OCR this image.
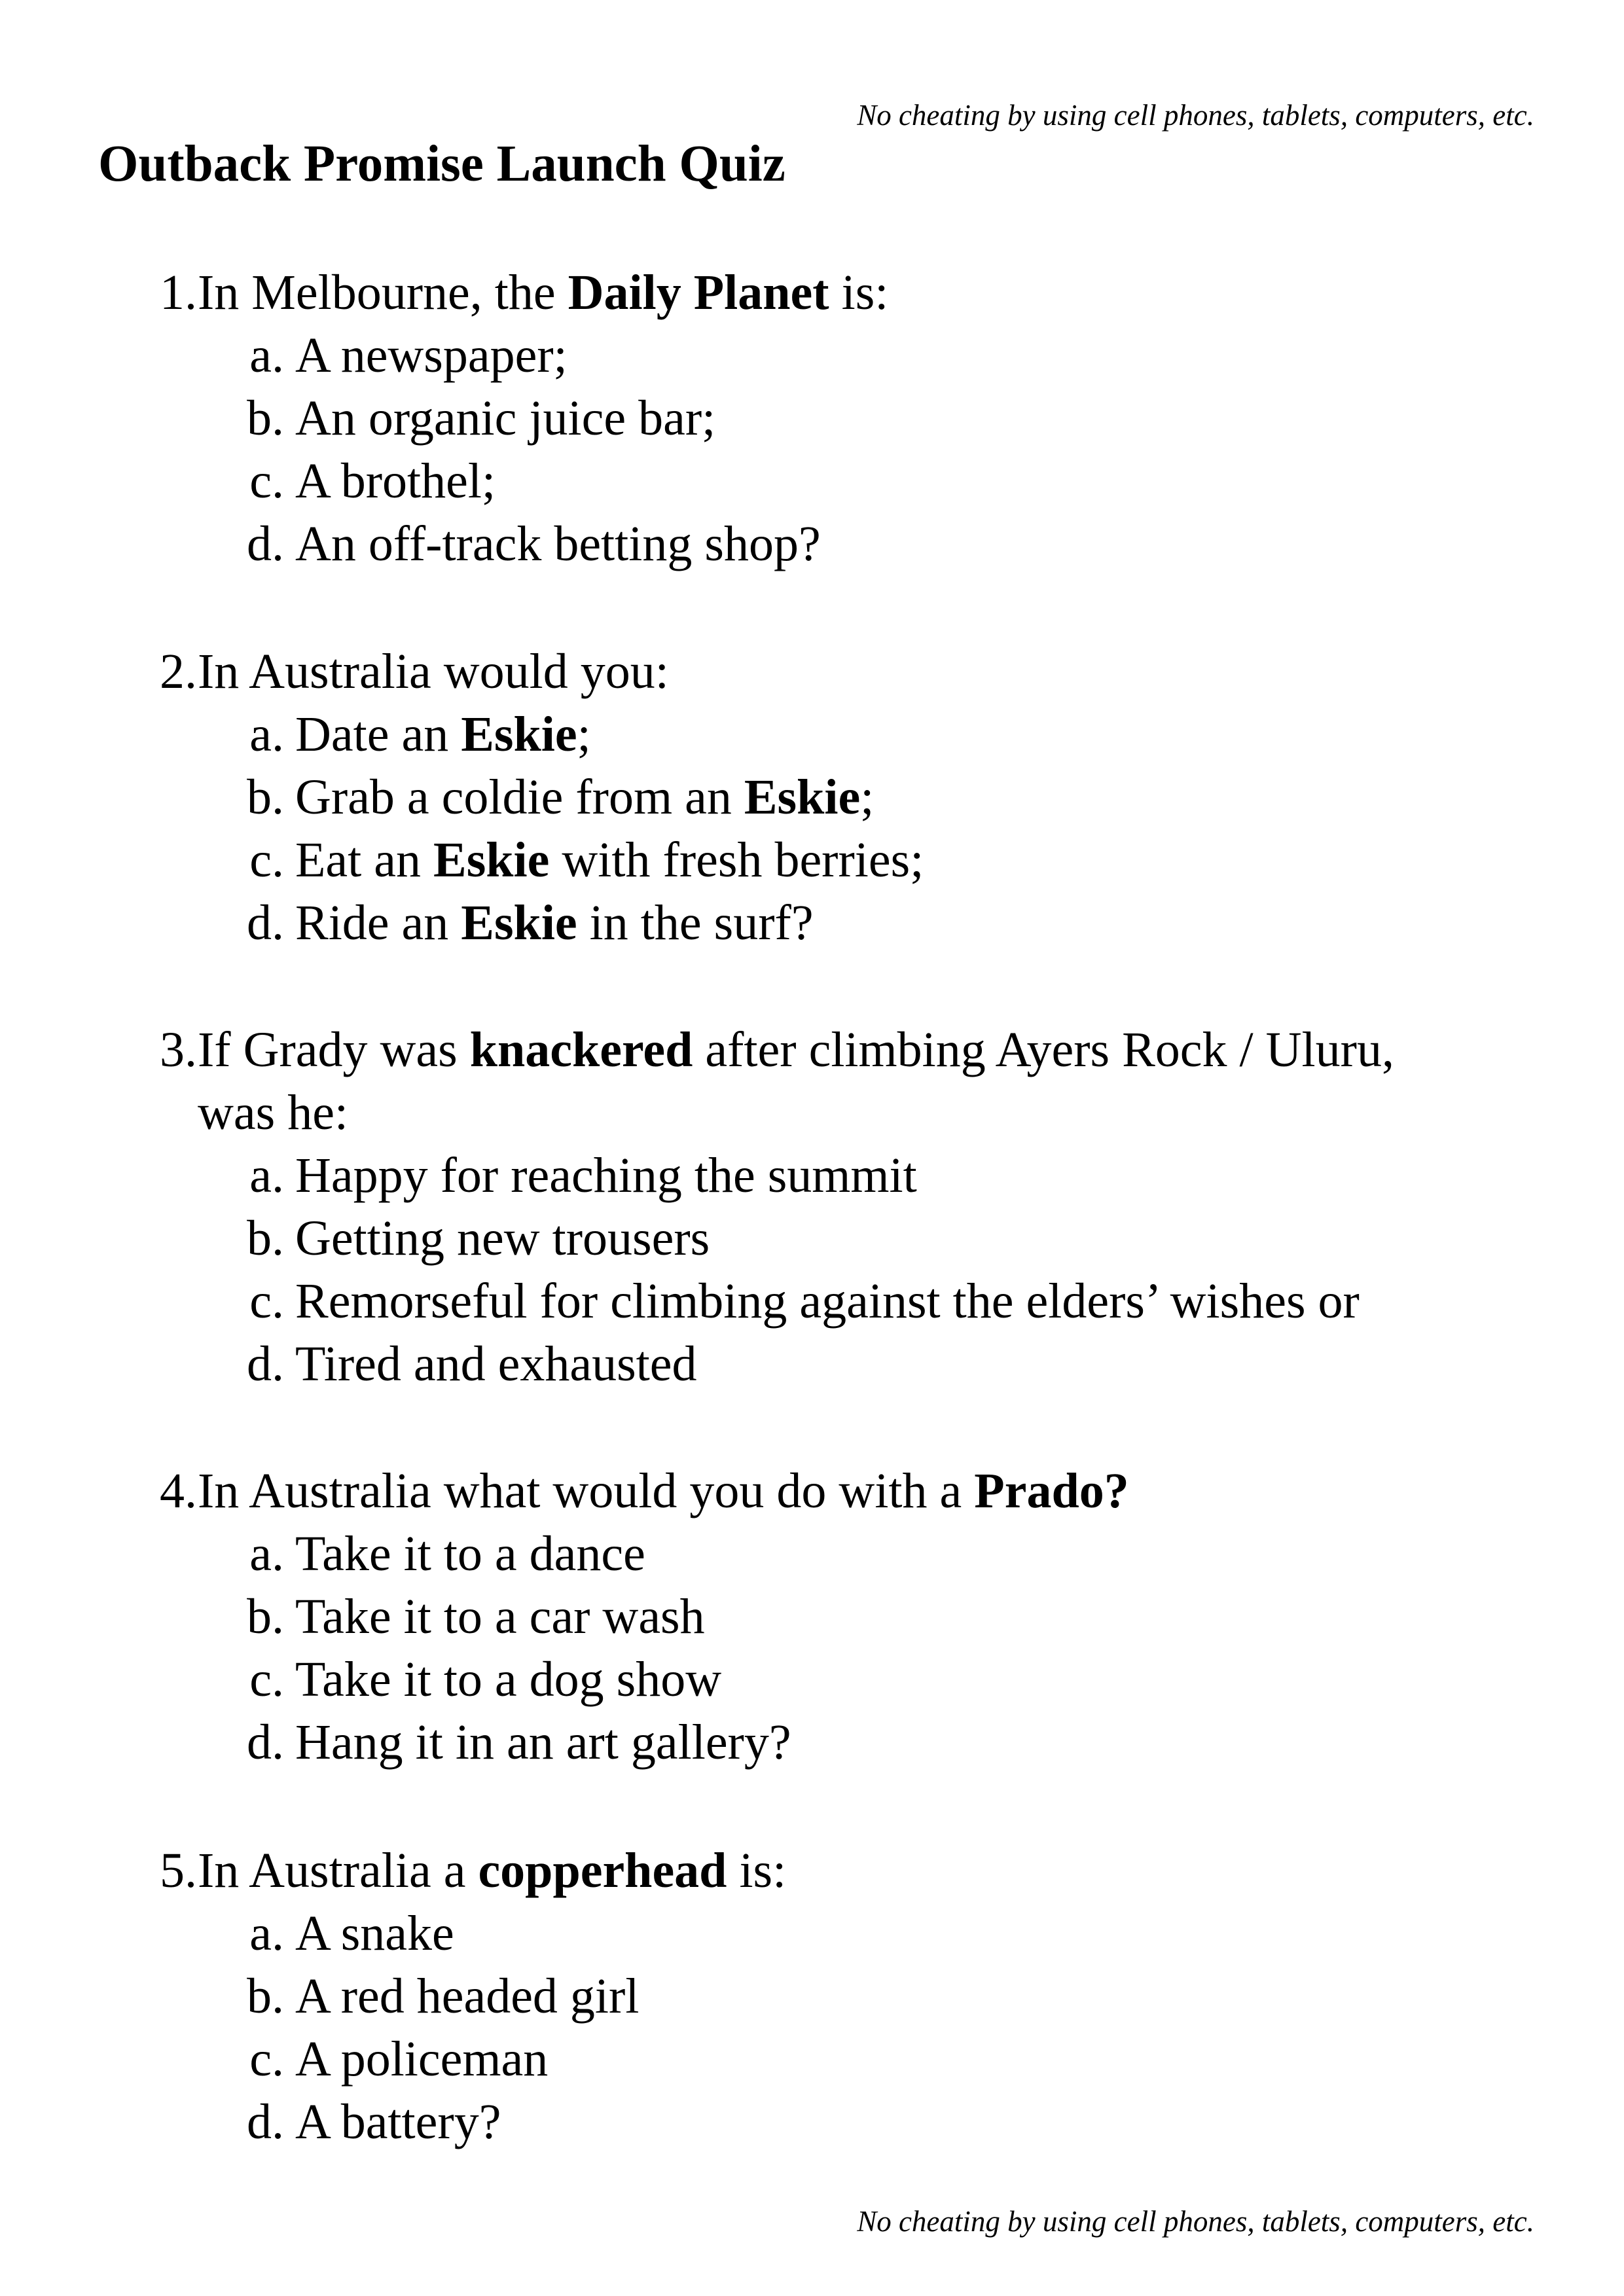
No cheating by using cell phones, tablets, computers, etc.
Outback Promise Launch Quiz
1. In Melbourne, the Daily Planet is:
a. A newspaper;
b. An organic juice bar;
c. A brothel;
d. An off-track betting shop?
2. In Australia would you:
a. Date an Eskie;
b. Grab a coldie from an Eskie;
c. Eat an Eskie with fresh berries;
d. Ride an Eskie in the surf?
3. If Grady was knackered after climbing Ayers Rock / Uluru,
was he:
a. Happy for reaching the summit
b. Getting new trousers
c. Remorseful for climbing against the elders’ wishes or
d. Tired and exhausted
4. In Australia what would you do with a Prado?
a. Take it to a dance
b. Take it to a car wash
c. Take it to a dog show
d. Hang it in an art gallery?
5. In Australia a copperhead is:
a. A snake
b. A red headed girl
c. A policeman
d. A battery?
No cheating by using cell phones, tablets, computers, etc.
